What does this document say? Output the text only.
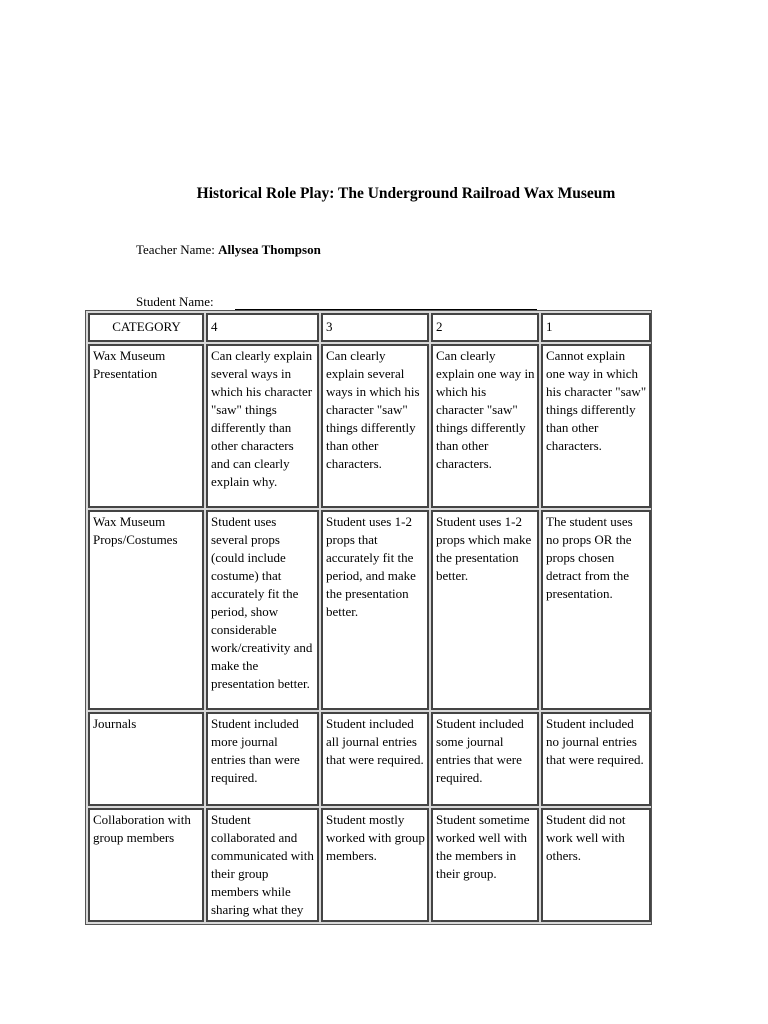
Historical Role Play: The Underground Railroad Wax Museum
Teacher Name: Allysea Thompson
Student Name:
CATEGORY	4	3	2	1
Wax Museum Presentation	Can clearly explain several ways in which his character "saw" things differently than other characters and can clearly explain why.	Can clearly explain several ways in which his character "saw" things differently than other characters.	Can clearly explain one way in which his character "saw" things differently than other characters.	Cannot explain one way in which his character "saw" things differently than other characters.
Wax Museum Props/Costumes	Student uses several props (could include costume) that accurately fit the period, show considerable work/creativity and make the presentation better.	Student uses 1-2 props that accurately fit the period, and make the presentation better.	Student uses 1-2 props which make the presentation better.	The student uses no props OR the props chosen detract from the presentation.
Journals	Student included more journal entries than were required.	Student included all journal entries that were required.	Student included some journal entries that were required.	Student included no journal entries that were required.
Collaboration with group members	Student collaborated and communicated with their group members while sharing what they	Student mostly worked with group members.	Student sometime worked well with the members in their group.	Student did not work well with others.
